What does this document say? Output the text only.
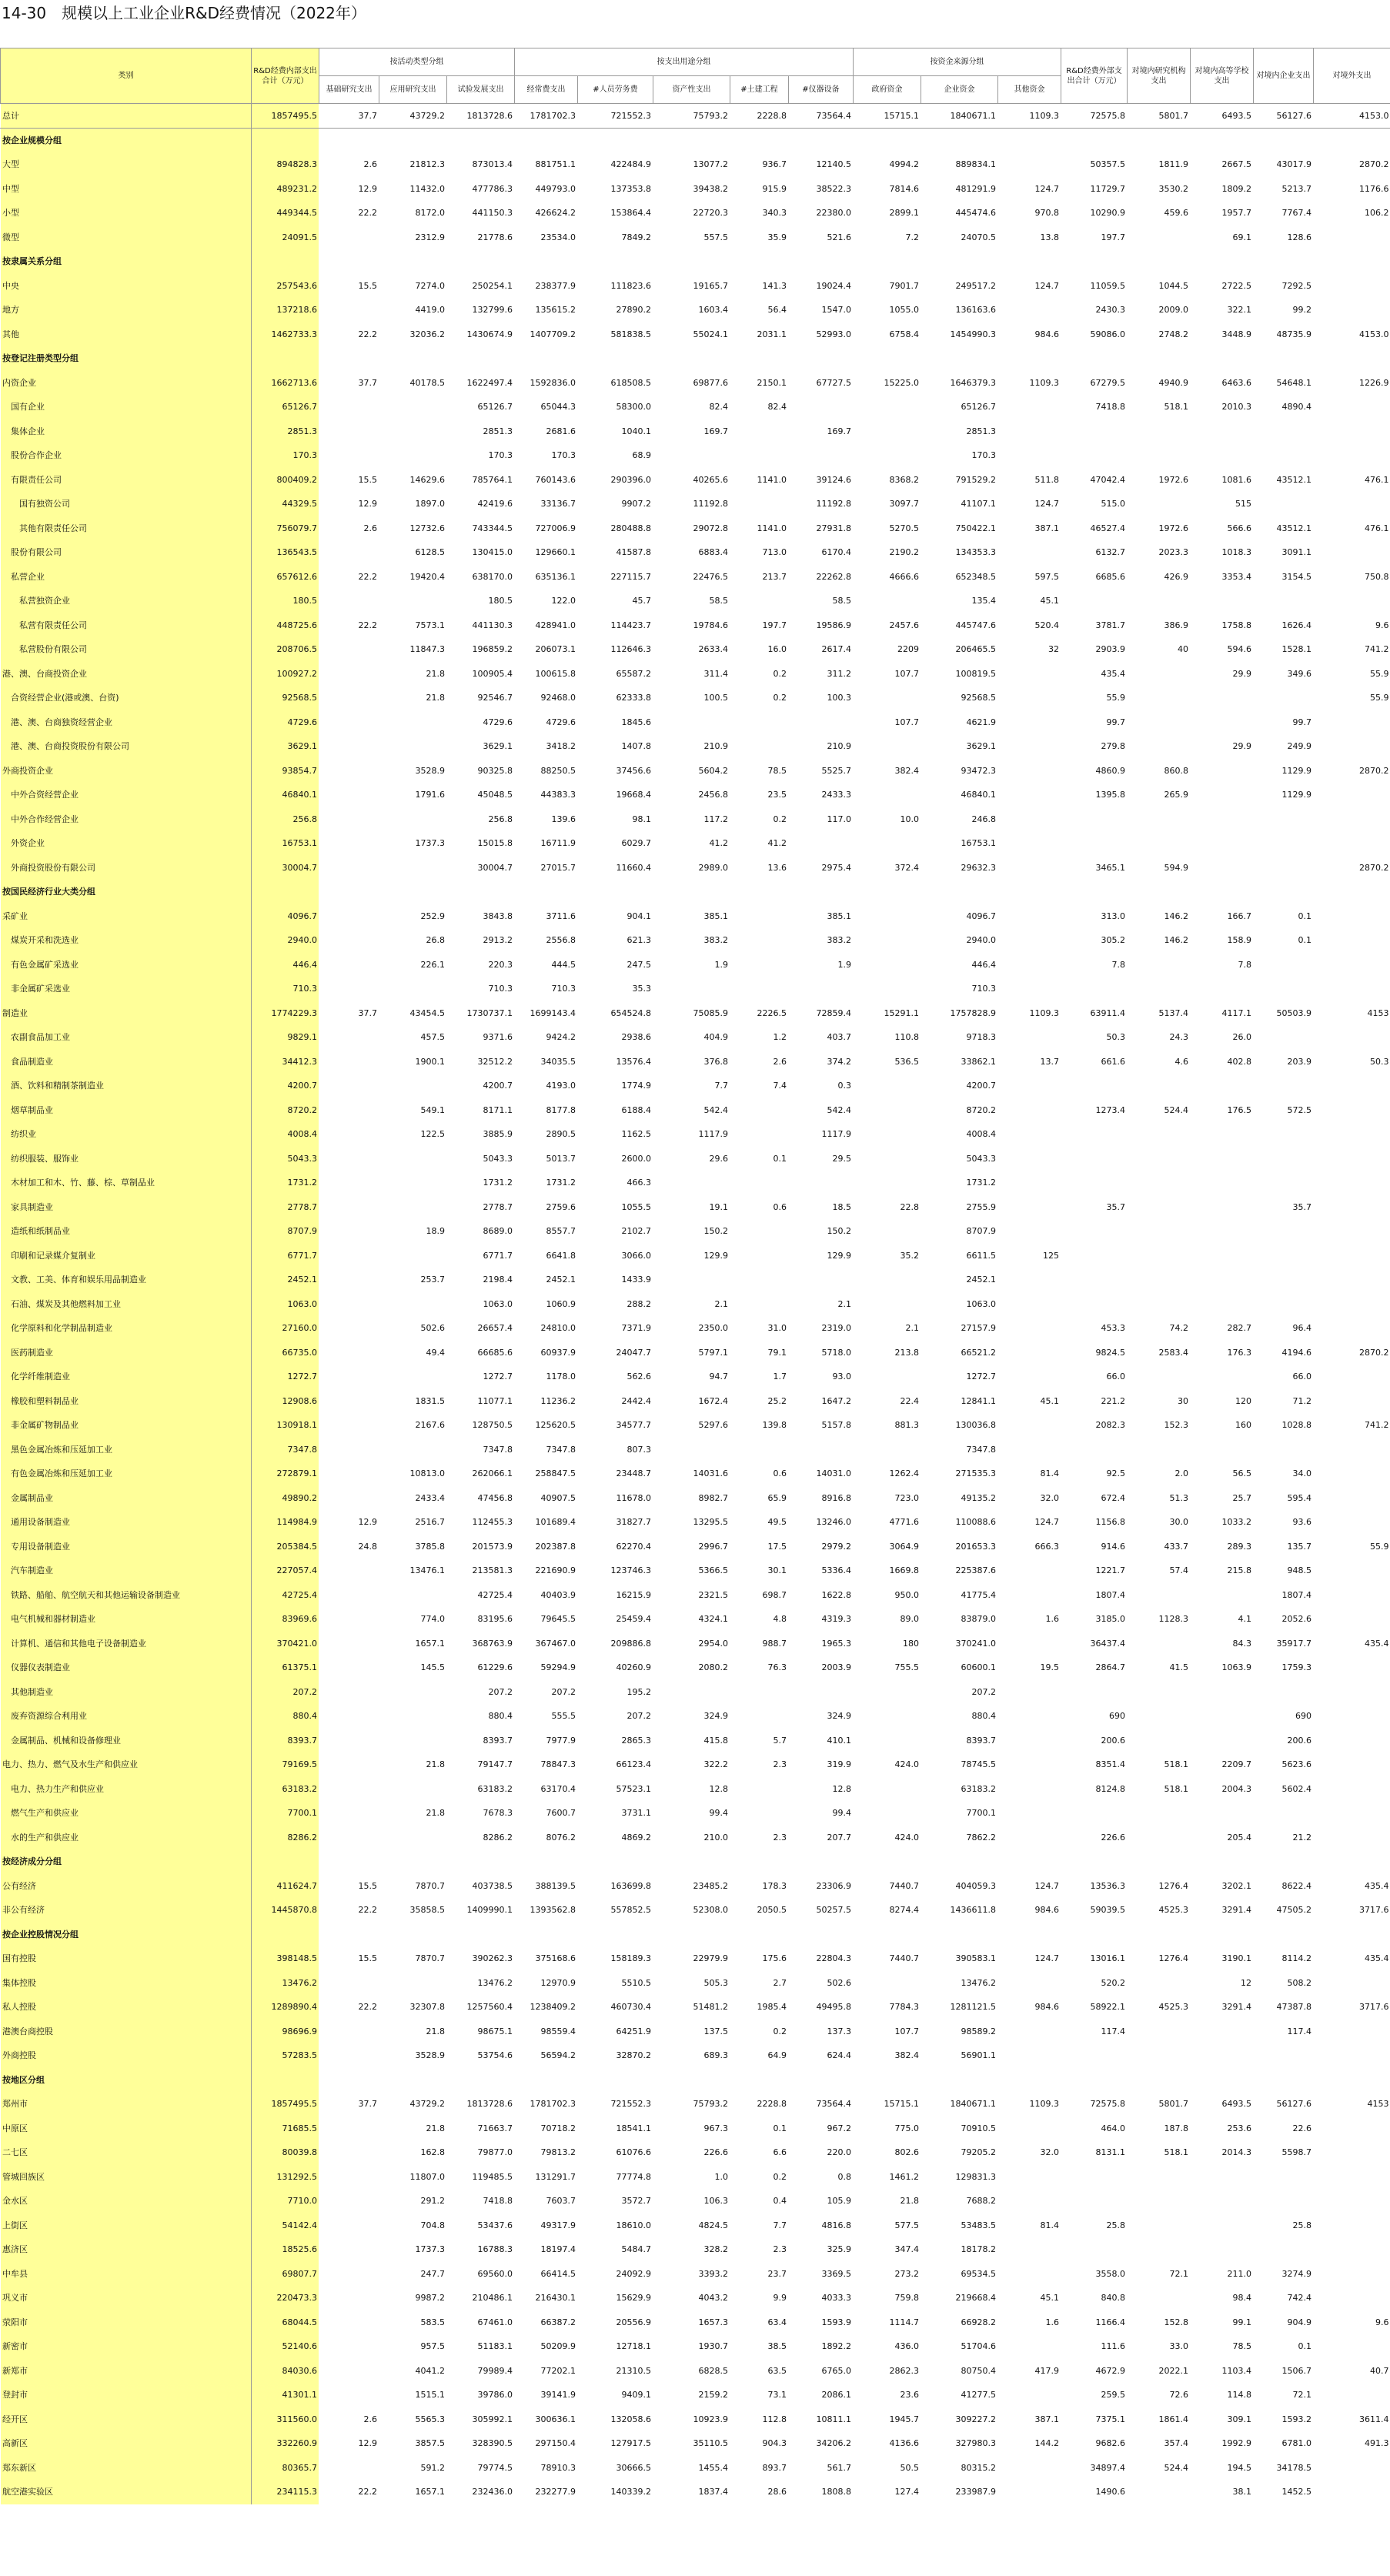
14-30　规模以上工业企业R&D经费情况（2022年）
类别	R&D经费内部支出合计（万元）	按活动类型分组			按支出用途分组					按资金来源分组			R&D经费外部支出合计（万元）	对境内研究机构支出	对境内高等学校支出	对境内企业支出	对境外支出
		基础研究支出	应用研究支出	试验发展支出	经常费支出	#人员劳务费	资产性支出	#土建工程	#仪器设备	政府资金	企业资金	其他资金					
总计	1857495.5	37.7	43729.2	1813728.6	1781702.3	721552.3	75793.2	2228.8	73564.4	15715.1	1840671.1	1109.3	72575.8	5801.7	6493.5	56127.6	4153.0
按企业规模分组																	
大型	894828.3	2.6	21812.3	873013.4	881751.1	422484.9	13077.2	936.7	12140.5	4994.2	889834.1		50357.5	1811.9	2667.5	43017.9	2870.2
中型	489231.2	12.9	11432.0	477786.3	449793.0	137353.8	39438.2	915.9	38522.3	7814.6	481291.9	124.7	11729.7	3530.2	1809.2	5213.7	1176.6
小型	449344.5	22.2	8172.0	441150.3	426624.2	153864.4	22720.3	340.3	22380.0	2899.1	445474.6	970.8	10290.9	459.6	1957.7	7767.4	106.2
微型	24091.5		2312.9	21778.6	23534.0	7849.2	557.5	35.9	521.6	7.2	24070.5	13.8	197.7		69.1	128.6	
按隶属关系分组																	
中央	257543.6	15.5	7274.0	250254.1	238377.9	111823.6	19165.7	141.3	19024.4	7901.7	249517.2	124.7	11059.5	1044.5	2722.5	7292.5	
地方	137218.6		4419.0	132799.6	135615.2	27890.2	1603.4	56.4	1547.0	1055.0	136163.6		2430.3	2009.0	322.1	99.2	
其他	1462733.3	22.2	32036.2	1430674.9	1407709.2	581838.5	55024.1	2031.1	52993.0	6758.4	1454990.3	984.6	59086.0	2748.2	3448.9	48735.9	4153.0
按登记注册类型分组																	
内资企业	1662713.6	37.7	40178.5	1622497.4	1592836.0	618508.5	69877.6	2150.1	67727.5	15225.0	1646379.3	1109.3	67279.5	4940.9	6463.6	54648.1	1226.9
　国有企业	65126.7			65126.7	65044.3	58300.0	82.4	82.4			65126.7		7418.8	518.1	2010.3	4890.4	
　集体企业	2851.3			2851.3	2681.6	1040.1	169.7		169.7		2851.3						
　股份合作企业	170.3			170.3	170.3	68.9					170.3						
　有限责任公司	800409.2	15.5	14629.6	785764.1	760143.6	290396.0	40265.6	1141.0	39124.6	8368.2	791529.2	511.8	47042.4	1972.6	1081.6	43512.1	476.1
　　国有独资公司	44329.5	12.9	1897.0	42419.6	33136.7	9907.2	11192.8		11192.8	3097.7	41107.1	124.7	515.0		515		
　　其他有限责任公司	756079.7	2.6	12732.6	743344.5	727006.9	280488.8	29072.8	1141.0	27931.8	5270.5	750422.1	387.1	46527.4	1972.6	566.6	43512.1	476.1
　股份有限公司	136543.5		6128.5	130415.0	129660.1	41587.8	6883.4	713.0	6170.4	2190.2	134353.3		6132.7	2023.3	1018.3	3091.1	
　私营企业	657612.6	22.2	19420.4	638170.0	635136.1	227115.7	22476.5	213.7	22262.8	4666.6	652348.5	597.5	6685.6	426.9	3353.4	3154.5	750.8
　　私营独资企业	180.5			180.5	122.0	45.7	58.5		58.5		135.4	45.1					
　　私营有限责任公司	448725.6	22.2	7573.1	441130.3	428941.0	114423.7	19784.6	197.7	19586.9	2457.6	445747.6	520.4	3781.7	386.9	1758.8	1626.4	9.6
　　私营股份有限公司	208706.5		11847.3	196859.2	206073.1	112646.3	2633.4	16.0	2617.4	2209	206465.5	32	2903.9	40	594.6	1528.1	741.2
港、澳、台商投资企业	100927.2		21.8	100905.4	100615.8	65587.2	311.4	0.2	311.2	107.7	100819.5		435.4		29.9	349.6	55.9
　合资经营企业(港或澳、台资)	92568.5		21.8	92546.7	92468.0	62333.8	100.5	0.2	100.3		92568.5		55.9				55.9
　港、澳、台商独资经营企业	4729.6			4729.6	4729.6	1845.6				107.7	4621.9		99.7			99.7	
　港、澳、台商投资股份有限公司	3629.1			3629.1	3418.2	1407.8	210.9		210.9		3629.1		279.8		29.9	249.9	
外商投资企业	93854.7		3528.9	90325.8	88250.5	37456.6	5604.2	78.5	5525.7	382.4	93472.3		4860.9	860.8		1129.9	2870.2
　中外合资经营企业	46840.1		1791.6	45048.5	44383.3	19668.4	2456.8	23.5	2433.3		46840.1		1395.8	265.9		1129.9	
　中外合作经营企业	256.8			256.8	139.6	98.1	117.2	0.2	117.0	10.0	246.8						
　外资企业	16753.1		1737.3	15015.8	16711.9	6029.7	41.2	41.2			16753.1						
　外商投资股份有限公司	30004.7			30004.7	27015.7	11660.4	2989.0	13.6	2975.4	372.4	29632.3		3465.1	594.9			2870.2
按国民经济行业大类分组																	
采矿业	4096.7		252.9	3843.8	3711.6	904.1	385.1		385.1		4096.7		313.0	146.2	166.7	0.1	
　煤炭开采和洗选业	2940.0		26.8	2913.2	2556.8	621.3	383.2		383.2		2940.0		305.2	146.2	158.9	0.1	
　有色金属矿采选业	446.4		226.1	220.3	444.5	247.5	1.9		1.9		446.4		7.8		7.8		
　非金属矿采选业	710.3			710.3	710.3	35.3					710.3						
制造业	1774229.3	37.7	43454.5	1730737.1	1699143.4	654524.8	75085.9	2226.5	72859.4	15291.1	1757828.9	1109.3	63911.4	5137.4	4117.1	50503.9	4153
　农副食品加工业	9829.1		457.5	9371.6	9424.2	2938.6	404.9	1.2	403.7	110.8	9718.3		50.3	24.3	26.0		
　食品制造业	34412.3		1900.1	32512.2	34035.5	13576.4	376.8	2.6	374.2	536.5	33862.1	13.7	661.6	4.6	402.8	203.9	50.3
　酒、饮料和精制茶制造业	4200.7			4200.7	4193.0	1774.9	7.7	7.4	0.3		4200.7						
　烟草制品业	8720.2		549.1	8171.1	8177.8	6188.4	542.4		542.4		8720.2		1273.4	524.4	176.5	572.5	
　纺织业	4008.4		122.5	3885.9	2890.5	1162.5	1117.9		1117.9		4008.4						
　纺织服装、服饰业	5043.3			5043.3	5013.7	2600.0	29.6	0.1	29.5		5043.3						
　木材加工和木、竹、藤、棕、草制品业	1731.2			1731.2	1731.2	466.3					1731.2						
　家具制造业	2778.7			2778.7	2759.6	1055.5	19.1	0.6	18.5	22.8	2755.9		35.7			35.7	
　造纸和纸制品业	8707.9		18.9	8689.0	8557.7	2102.7	150.2		150.2		8707.9						
　印刷和记录媒介复制业	6771.7			6771.7	6641.8	3066.0	129.9		129.9	35.2	6611.5	125					
　文教、工美、体育和娱乐用品制造业	2452.1		253.7	2198.4	2452.1	1433.9					2452.1						
　石油、煤炭及其他燃料加工业	1063.0			1063.0	1060.9	288.2	2.1		2.1		1063.0						
　化学原料和化学制品制造业	27160.0		502.6	26657.4	24810.0	7371.9	2350.0	31.0	2319.0	2.1	27157.9		453.3	74.2	282.7	96.4	
　医药制造业	66735.0		49.4	66685.6	60937.9	24047.7	5797.1	79.1	5718.0	213.8	66521.2		9824.5	2583.4	176.3	4194.6	2870.2
　化学纤维制造业	1272.7			1272.7	1178.0	562.6	94.7	1.7	93.0		1272.7		66.0			66.0	
　橡胶和塑料制品业	12908.6		1831.5	11077.1	11236.2	2442.4	1672.4	25.2	1647.2	22.4	12841.1	45.1	221.2	30	120	71.2	
　非金属矿物制品业	130918.1		2167.6	128750.5	125620.5	34577.7	5297.6	139.8	5157.8	881.3	130036.8		2082.3	152.3	160	1028.8	741.2
　黑色金属冶炼和压延加工业	7347.8			7347.8	7347.8	807.3					7347.8						
　有色金属冶炼和压延加工业	272879.1		10813.0	262066.1	258847.5	23448.7	14031.6	0.6	14031.0	1262.4	271535.3	81.4	92.5	2.0	56.5	34.0	
　金属制品业	49890.2		2433.4	47456.8	40907.5	11678.0	8982.7	65.9	8916.8	723.0	49135.2	32.0	672.4	51.3	25.7	595.4	
　通用设备制造业	114984.9	12.9	2516.7	112455.3	101689.4	31827.7	13295.5	49.5	13246.0	4771.6	110088.6	124.7	1156.8	30.0	1033.2	93.6	
　专用设备制造业	205384.5	24.8	3785.8	201573.9	202387.8	62270.4	2996.7	17.5	2979.2	3064.9	201653.3	666.3	914.6	433.7	289.3	135.7	55.9
　汽车制造业	227057.4		13476.1	213581.3	221690.9	123746.3	5366.5	30.1	5336.4	1669.8	225387.6		1221.7	57.4	215.8	948.5	
　铁路、船舶、航空航天和其他运输设备制造业	42725.4			42725.4	40403.9	16215.9	2321.5	698.7	1622.8	950.0	41775.4		1807.4			1807.4	
　电气机械和器材制造业	83969.6		774.0	83195.6	79645.5	25459.4	4324.1	4.8	4319.3	89.0	83879.0	1.6	3185.0	1128.3	4.1	2052.6	
　计算机、通信和其他电子设备制造业	370421.0		1657.1	368763.9	367467.0	209886.8	2954.0	988.7	1965.3	180	370241.0		36437.4		84.3	35917.7	435.4
　仪器仪表制造业	61375.1		145.5	61229.6	59294.9	40260.9	2080.2	76.3	2003.9	755.5	60600.1	19.5	2864.7	41.5	1063.9	1759.3	
　其他制造业	207.2			207.2	207.2	195.2					207.2						
　废弃资源综合利用业	880.4			880.4	555.5	207.2	324.9		324.9		880.4		690			690	
　金属制品、机械和设备修理业	8393.7			8393.7	7977.9	2865.3	415.8	5.7	410.1		8393.7		200.6			200.6	
电力、热力、燃气及水生产和供应业	79169.5		21.8	79147.7	78847.3	66123.4	322.2	2.3	319.9	424.0	78745.5		8351.4	518.1	2209.7	5623.6	
　电力、热力生产和供应业	63183.2			63183.2	63170.4	57523.1	12.8		12.8		63183.2		8124.8	518.1	2004.3	5602.4	
　燃气生产和供应业	7700.1		21.8	7678.3	7600.7	3731.1	99.4		99.4		7700.1						
　水的生产和供应业	8286.2			8286.2	8076.2	4869.2	210.0	2.3	207.7	424.0	7862.2		226.6		205.4	21.2	
按经济成分分组																	
公有经济	411624.7	15.5	7870.7	403738.5	388139.5	163699.8	23485.2	178.3	23306.9	7440.7	404059.3	124.7	13536.3	1276.4	3202.1	8622.4	435.4
非公有经济	1445870.8	22.2	35858.5	1409990.1	1393562.8	557852.5	52308.0	2050.5	50257.5	8274.4	1436611.8	984.6	59039.5	4525.3	3291.4	47505.2	3717.6
按企业控股情况分组																	
国有控股	398148.5	15.5	7870.7	390262.3	375168.6	158189.3	22979.9	175.6	22804.3	7440.7	390583.1	124.7	13016.1	1276.4	3190.1	8114.2	435.4
集体控股	13476.2			13476.2	12970.9	5510.5	505.3	2.7	502.6		13476.2		520.2		12	508.2	
私人控股	1289890.4	22.2	32307.8	1257560.4	1238409.2	460730.4	51481.2	1985.4	49495.8	7784.3	1281121.5	984.6	58922.1	4525.3	3291.4	47387.8	3717.6
港澳台商控股	98696.9		21.8	98675.1	98559.4	64251.9	137.5	0.2	137.3	107.7	98589.2		117.4			117.4	
外商控股	57283.5		3528.9	53754.6	56594.2	32870.2	689.3	64.9	624.4	382.4	56901.1						
按地区分组																	
郑州市	1857495.5	37.7	43729.2	1813728.6	1781702.3	721552.3	75793.2	2228.8	73564.4	15715.1	1840671.1	1109.3	72575.8	5801.7	6493.5	56127.6	4153
中原区	71685.5		21.8	71663.7	70718.2	18541.1	967.3	0.1	967.2	775.0	70910.5		464.0	187.8	253.6	22.6	
二七区	80039.8		162.8	79877.0	79813.2	61076.6	226.6	6.6	220.0	802.6	79205.2	32.0	8131.1	518.1	2014.3	5598.7	
管城回族区	131292.5		11807.0	119485.5	131291.7	77774.8	1.0	0.2	0.8	1461.2	129831.3						
金水区	7710.0		291.2	7418.8	7603.7	3572.7	106.3	0.4	105.9	21.8	7688.2						
上街区	54142.4		704.8	53437.6	49317.9	18610.0	4824.5	7.7	4816.8	577.5	53483.5	81.4	25.8			25.8	
惠济区	18525.6		1737.3	16788.3	18197.4	5484.7	328.2	2.3	325.9	347.4	18178.2						
中牟县	69807.7		247.7	69560.0	66414.5	24092.9	3393.2	23.7	3369.5	273.2	69534.5		3558.0	72.1	211.0	3274.9	
巩义市	220473.3		9987.2	210486.1	216430.1	15629.9	4043.2	9.9	4033.3	759.8	219668.4	45.1	840.8		98.4	742.4	
荥阳市	68044.5		583.5	67461.0	66387.2	20556.9	1657.3	63.4	1593.9	1114.7	66928.2	1.6	1166.4	152.8	99.1	904.9	9.6
新密市	52140.6		957.5	51183.1	50209.9	12718.1	1930.7	38.5	1892.2	436.0	51704.6		111.6	33.0	78.5	0.1	
新郑市	84030.6		4041.2	79989.4	77202.1	21310.5	6828.5	63.5	6765.0	2862.3	80750.4	417.9	4672.9	2022.1	1103.4	1506.7	40.7
登封市	41301.1		1515.1	39786.0	39141.9	9409.1	2159.2	73.1	2086.1	23.6	41277.5		259.5	72.6	114.8	72.1	
经开区	311560.0	2.6	5565.3	305992.1	300636.1	132058.6	10923.9	112.8	10811.1	1945.7	309227.2	387.1	7375.1	1861.4	309.1	1593.2	3611.4
高新区	332260.9	12.9	3857.5	328390.5	297150.4	127917.5	35110.5	904.3	34206.2	4136.6	327980.3	144.2	9682.6	357.4	1992.9	6781.0	491.3
郑东新区	80365.7		591.2	79774.5	78910.3	30666.5	1455.4	893.7	561.7	50.5	80315.2		34897.4	524.4	194.5	34178.5	
航空港实验区	234115.3	22.2	1657.1	232436.0	232277.9	140339.2	1837.4	28.6	1808.8	127.4	233987.9		1490.6		38.1	1452.5	
